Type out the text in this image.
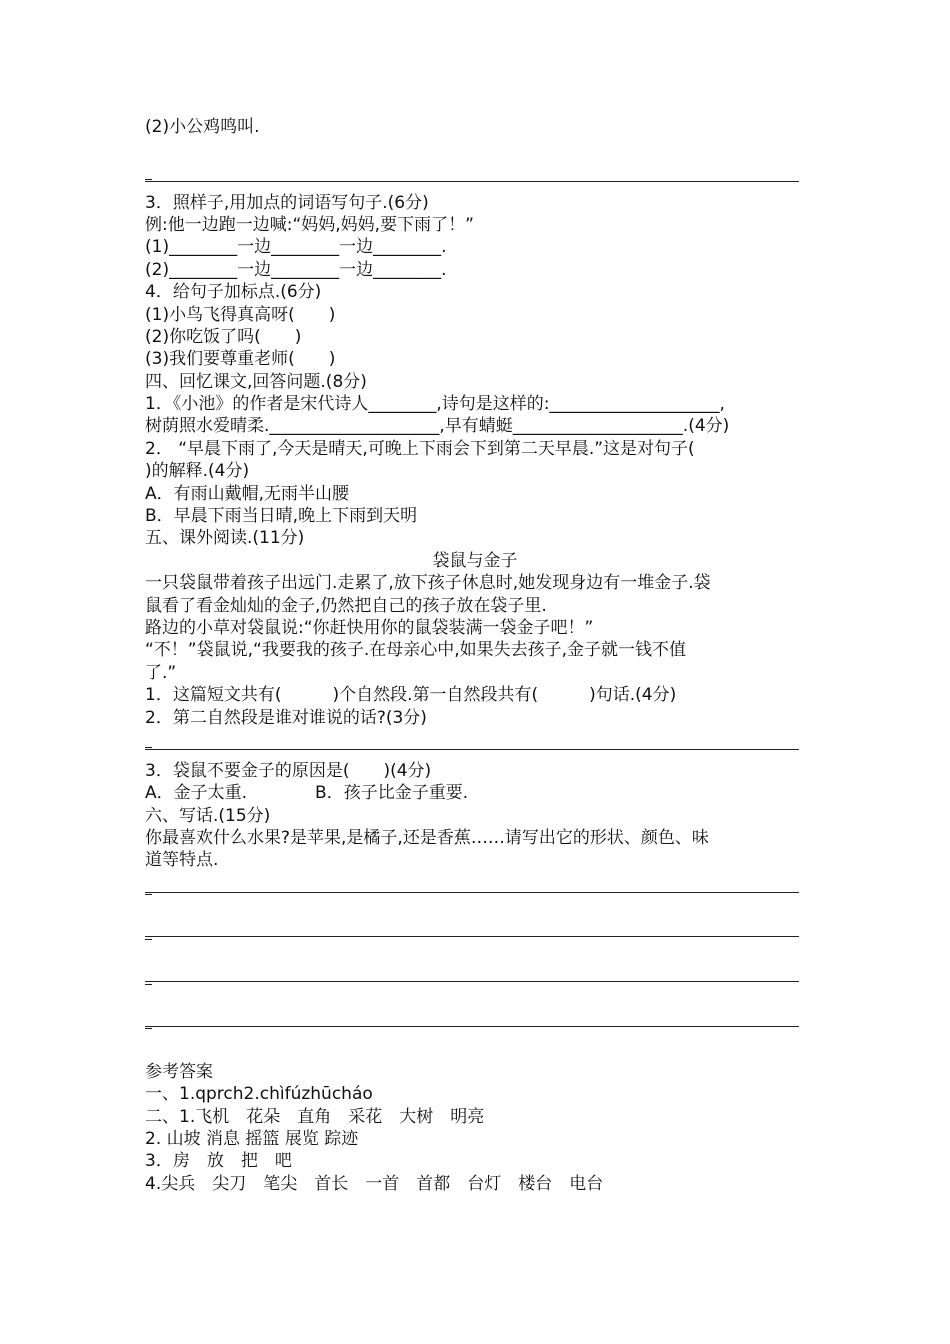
(2)小公鸡鸣叫.
3．照样子,用加点的词语写句子.(6分)
例:他一边跑一边喊:“妈妈,妈妈,要下雨了！”
(1)________一边________一边________.
(2)________一边________一边________.
4．给句子加标点.(6分)
(1)小鸟飞得真高呀(　　)
(2)你吃饭了吗(　　)
(3)我们要尊重老师(　　)
四、回忆课文,回答问题.(8分)
1．《小池》的作者是宋代诗人________,诗句是这样的:____________________,
树荫照水爱晴柔.____________________,早有蜻蜓____________________.(4分)
2． “早晨下雨了,今天是晴天,可晚上下雨会下到第二天早晨.”这是对句子(
)的解释.(4分)
A．有雨山戴帽,无雨半山腰
B．早晨下雨当日晴,晚上下雨到天明
五、课外阅读.(11分)
袋鼠与金子
一只袋鼠带着孩子出远门.走累了,放下孩子休息时,她发现身边有一堆金子.袋
鼠看了看金灿灿的金子,仍然把自己的孩子放在袋子里.
路边的小草对袋鼠说:“你赶快用你的鼠袋装满一袋金子吧！”
“不！”袋鼠说,“我要我的孩子.在母亲心中,如果失去孩子,金子就一钱不值
了.”
1．这篇短文共有(　　　)个自然段.第一自然段共有(　　　)句话.(4分)
2．第二自然段是谁对谁说的话?(3分)
3．袋鼠不要金子的原因是(　　)(4分)
A．金子太重.　　　　B．孩子比金子重要.
六、写话.(15分)
你最喜欢什么水果?是苹果,是橘子,还是香蕉……请写出它的形状、颜色、味
道等特点.
参考答案
一、1.qprch2.chìfúzhūcháo
二、1.飞机　花朵　直角　采花　大树　明亮
2. 山坡 消息 摇篮 展览 踪迹
3．房　放　把　吧
4.尖兵　尖刀　笔尖　首长　一首　首都　台灯　楼台　电台
